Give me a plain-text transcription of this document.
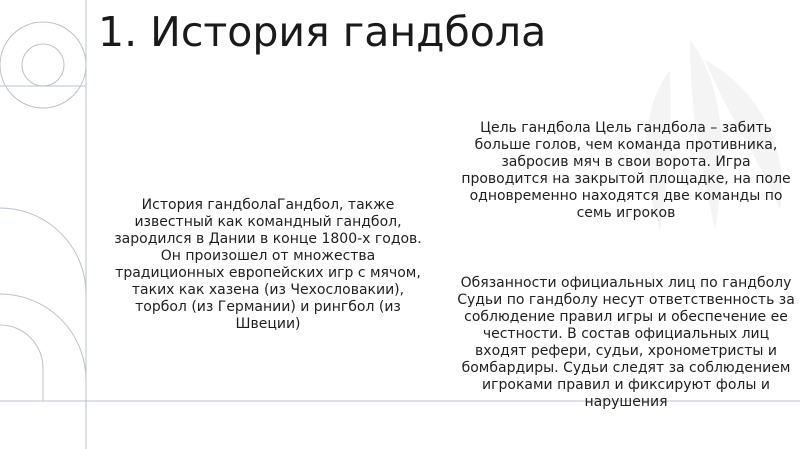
1. История гандбола

История гандболаГандбол, также известный как командный гандбол, зародился в Дании в конце 1800-х годов. Он произошел от множества традиционных европейских игр с мячом, таких как хазена (из Чехословакии), торбол (из Германии) и рингбол (из Швеции)

Цель гандбола Цель гандбола – забить больше голов, чем команда противника, забросив мяч в свои ворота. Игра проводится на закрытой площадке, на поле одновременно находятся две команды по семь игроков

Обязанности официальных лиц по гандболу Судьи по гандболу несут ответственность за соблюдение правил игры и обеспечение ее честности. В состав официальных лиц входят рефери, судьи, хронометристы и бомбардиры. Судьи следят за соблюдением игроками правил и фиксируют фолы и нарушения
